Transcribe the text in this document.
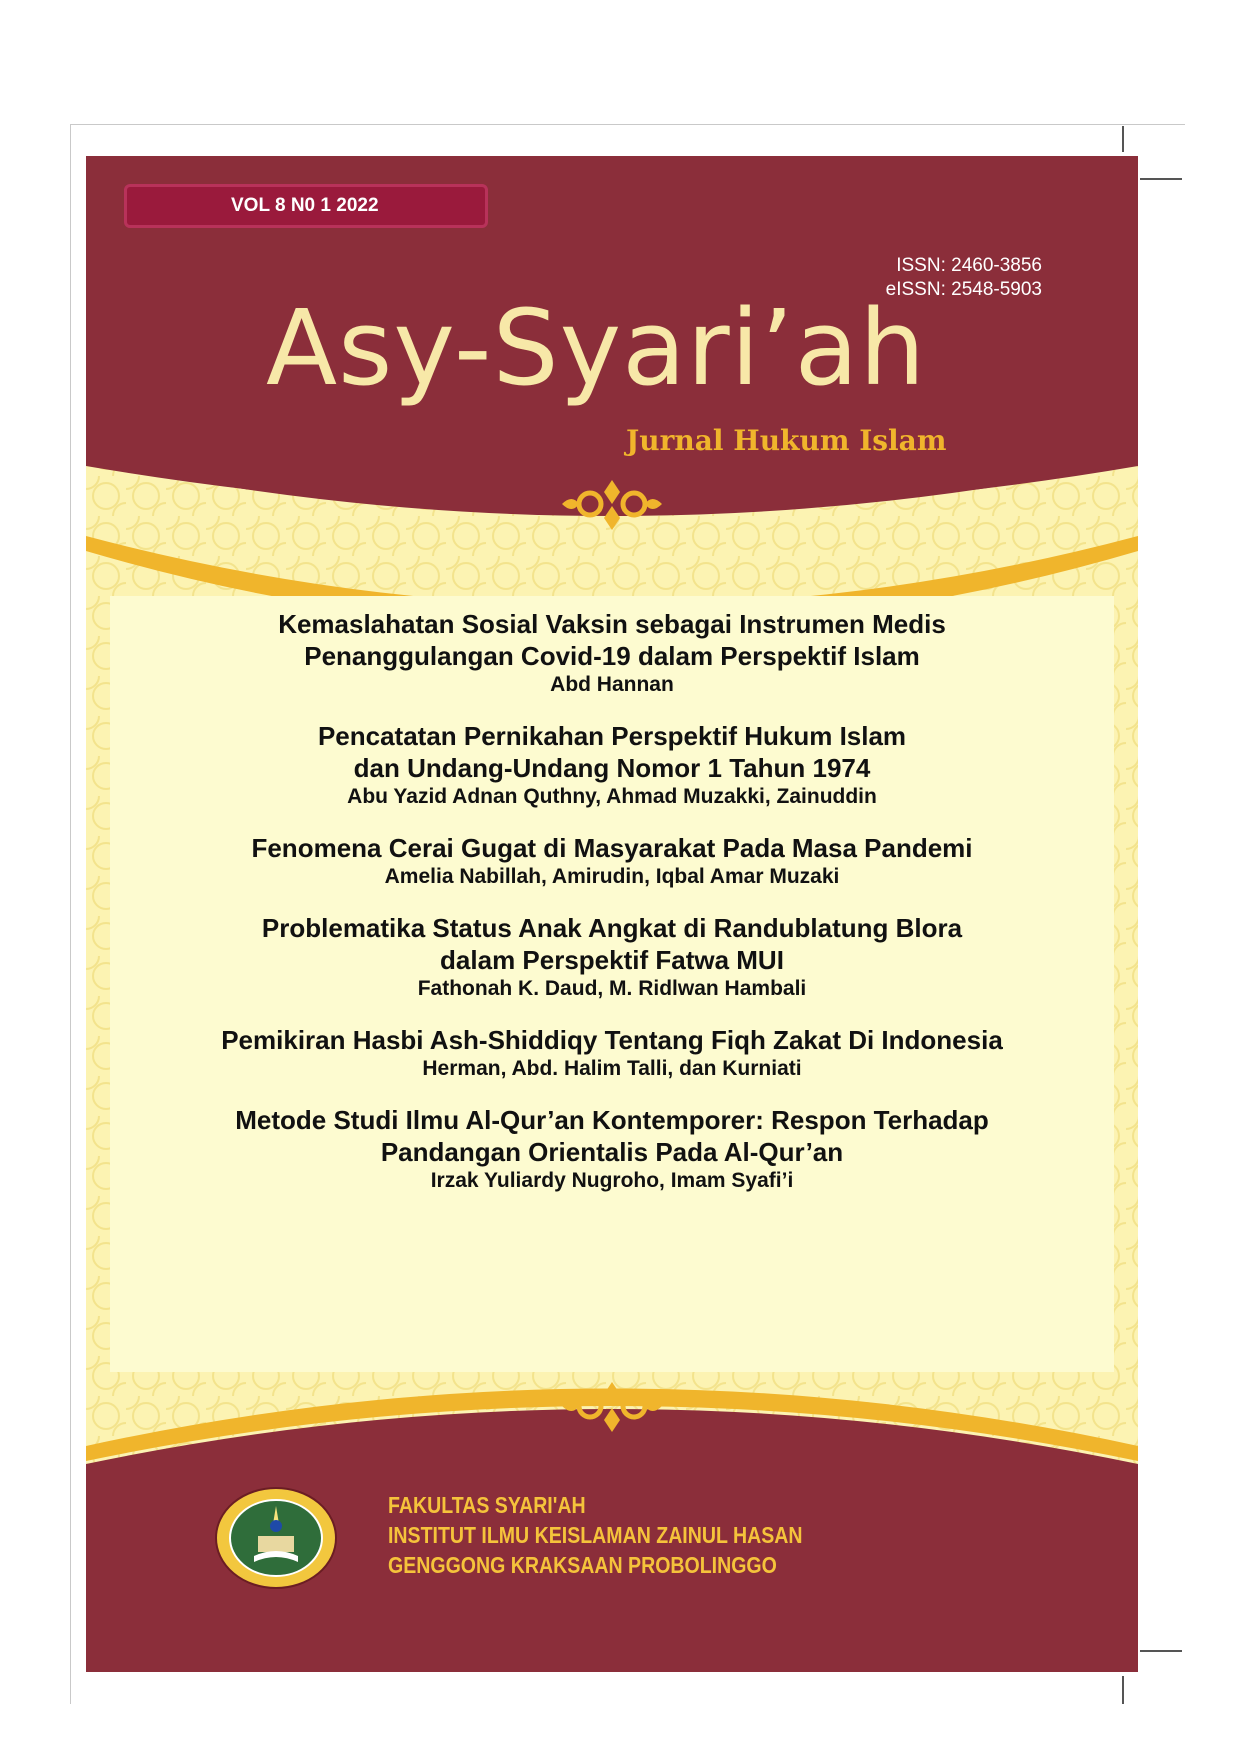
VOL 8 N0 1 2022
ISSN: 2460-3856
eISSN: 2548-5903
Asy-Syari’ah
Jurnal Hukum Islam
Kemaslahatan Sosial Vaksin sebagai Instrumen Medis
Penanggulangan Covid-19 dalam Perspektif Islam
Abd Hannan
Pencatatan Pernikahan Perspektif Hukum Islam
dan Undang-Undang Nomor 1 Tahun 1974
Abu Yazid Adnan Quthny, Ahmad Muzakki, Zainuddin
Fenomena Cerai Gugat di Masyarakat Pada Masa Pandemi
Amelia Nabillah, Amirudin, Iqbal Amar Muzaki
Problematika Status Anak Angkat di Randublatung Blora
dalam Perspektif Fatwa MUI
Fathonah K. Daud, M. Ridlwan Hambali
Pemikiran Hasbi Ash-Shiddiqy Tentang Fiqh Zakat Di Indonesia
Herman, Abd. Halim Talli, dan Kurniati
Metode Studi Ilmu Al-Qur’an Kontemporer: Respon Terhadap
Pandangan Orientalis Pada Al-Qur’an
Irzak Yuliardy Nugroho, Imam Syafi’i
FAKULTAS SYARI'AH
INSTITUT ILMU KEISLAMAN ZAINUL HASAN
GENGGONG KRAKSAAN PROBOLINGGO
